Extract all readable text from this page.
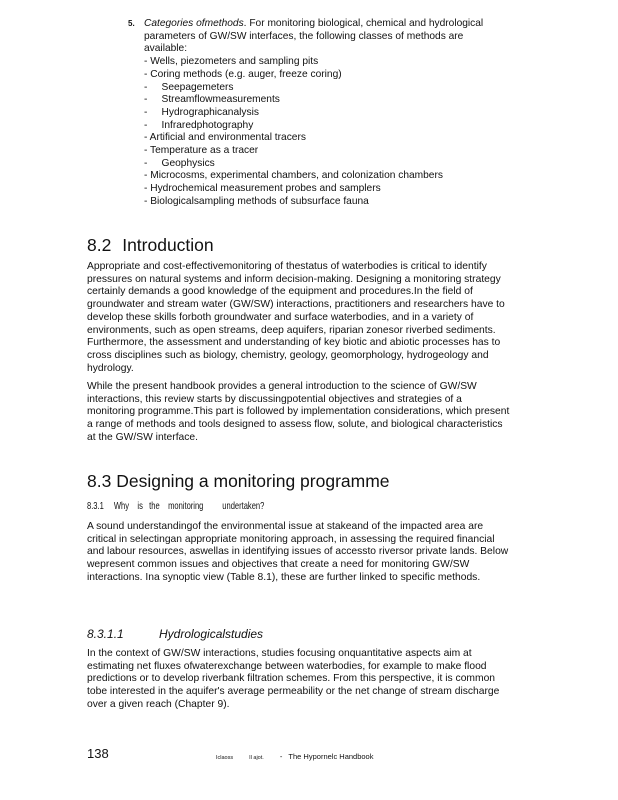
5. Categories ofmethods. For monitoring biological, chemical and hydrological parameters of GW/SW interfaces, the following classes of methods are available:
- Wells, piezometers and sampling pits
- Coring methods (e.g. auger, freeze coring)
-     Seepagemeters
-     Streamflowmeasurements
-     Hydrographicanalysis
-     Infraredphotography
- Artificial and environmental tracers
- Temperature as a tracer
-     Geophysics
- Microcosms, experimental chambers, and colonization chambers
- Hydrochemical measurement probes and samplers
- Biologicalsampling methods of subsurface fauna
8.2 Introduction

Appropriate and cost-effectivemonitoring of thestatus of waterbodies is critical to identify pressures on natural systems and inform decision-making. Designing a monitoring strategy certainly demands a good knowledge of the equipment and procedures.In the field of groundwater and stream water (GW/SW) interactions, practitioners and researchers have to develop these skills forboth groundwater and surface waterbodies, and in a variety of environments, such as open streams, deep aquifers, riparian zonesor riverbed sediments. Furthermore, the assessment and understanding of key biotic and abiotic processes has to cross disciplines such as biology, chemistry, geology, geomorphology, hydrogeology and hydrology.

While the present handbook provides a general introduction to the science of GW/SW interactions, this review starts by discussingpotential objectives and strategies of a monitoring programme.This part is followed by implementation considerations, which present a range of methods and tools designed to assess flow, solute, and biological characteristics at the GW/SW interface.

8.3 Designing a monitoring programme

8.3.1 Why    is   the    monitoring         undertaken?

A sound understandingof the environmental issue at stakeand of the impacted area are critical in selectingan appropriate monitoring approach, in assessing the required financial and labour resources, aswellas in identifying issues of accessto riversor private lands. Below wepresent common issues and objectives that create a need for monitoring GW/SW interactions. Ina synoptic view (Table 8.1), these are further linked to specific methods.

8.3.1.1	Hydrologicalstudies

In the context of GW/SW interactions, studies focusing onquantitative aspects aim at estimating net fluxes ofwaterexchange between waterbodies, for example to make flood predictions or to develop riverbank filtration schemes. From this perspective, it is common tobe interested in the aquifer's average permeability or the net change of stream discharge over a given reach (Chapter 9).

138	Iclaoss	Il ajot. -   The Hypornelc Handbook
